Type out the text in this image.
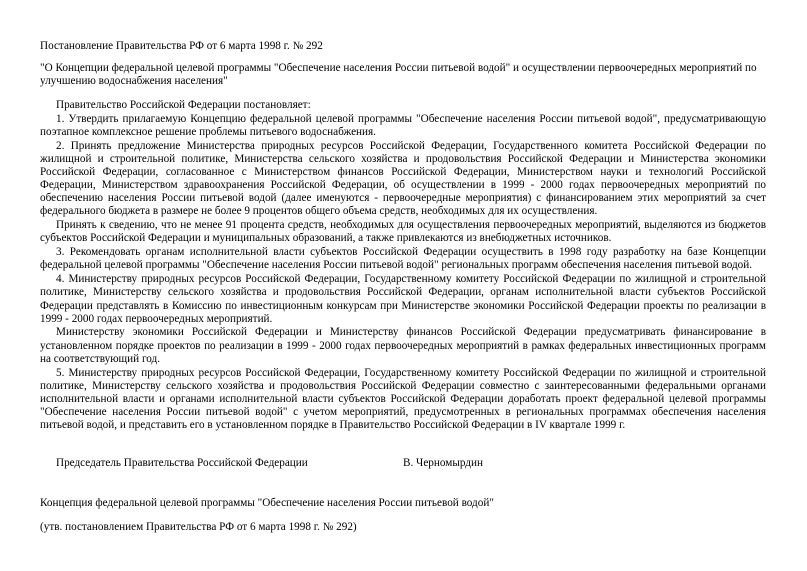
Постановление Правительства РФ от 6 марта 1998 г. № 292
"О Концепции федеральной целевой программы "Обеспечение населения России питьевой водой" и осуществлении первоочередных мероприятий по улучшению водоснабжения населения"
Правительство Российской Федерации постановляет:

1. Утвердить прилагаемую Концепцию федеральной целевой программы "Обеспечение населения России питьевой водой", предусматривающую поэтапное комплексное решение проблемы питьевого водоснабжения.

2. Принять предложение Министерства природных ресурсов Российской Федерации, Государственного комитета Российской Федерации по жилищной и строительной политике, Министерства сельского хозяйства и продовольствия Российской Федерации и Министерства экономики Российской Федерации, согласованное с Министерством финансов Российской Федерации, Министерством науки и технологий Российской Федерации, Министерством здравоохранения Российской Федерации, об осуществлении в 1999 - 2000 годах первоочередных мероприятий по обеспечению населения России питьевой водой (далее именуются - первоочередные мероприятия) с финансированием этих мероприятий за счет федерального бюджета в размере не более 9 процентов общего объема средств, необходимых для их осуществления.

Принять к сведению, что не менее 91 процента средств, необходимых для осуществления первоочередных мероприятий, выделяются из бюджетов субъектов Российской Федерации и муниципальных образований, а также привлекаются из внебюджетных источников.

3. Рекомендовать органам исполнительной власти субъектов Российской Федерации осуществить в 1998 году разработку на базе Концепции федеральной целевой программы "Обеспечение населения России питьевой водой" региональных программ обеспечения населения питьевой водой.

4. Министерству природных ресурсов Российской Федерации, Государственному комитету Российской Федерации по жилищной и строительной политике, Министерству сельского хозяйства и продовольствия Российской Федерации, органам исполнительной власти субъектов Российской Федерации представлять в Комиссию по инвестиционным конкурсам при Министерстве экономики Российской Федерации проекты по реализации в 1999 - 2000 годах первоочередных мероприятий.

Министерству экономики Российской Федерации и Министерству финансов Российской Федерации предусматривать финансирование в установленном порядке проектов по реализации в 1999 - 2000 годах первоочередных мероприятий в рамках федеральных инвестиционных программ на соответствующий год.

5. Министерству природных ресурсов Российской Федерации, Государственному комитету Российской Федерации по жилищной и строительной политике, Министерству сельского хозяйства и продовольствия Российской Федерации совместно с заинтересованными федеральными органами исполнительной власти и органами исполнительной власти субъектов Российской Федерации доработать проект федеральной целевой программы "Обеспечение населения России питьевой водой" с учетом мероприятий, предусмотренных в региональных программах обеспечения населения питьевой водой, и представить его в установленном порядке в Правительство Российской Федерации в IV квартале 1999 г.

Председатель Правительства Российской Федерации	В. Черномырдин
Концепция федеральной целевой программы "Обеспечение населения России питьевой водой"
(утв. постановлением Правительства РФ от 6 марта 1998 г. № 292)
